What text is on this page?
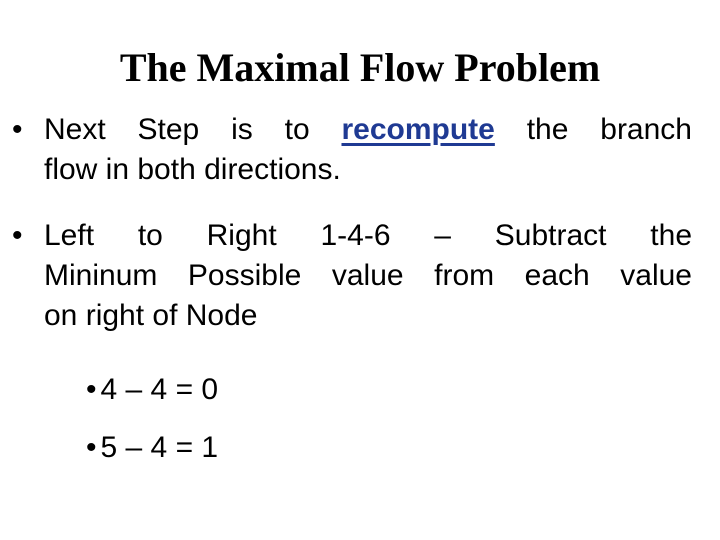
The Maximal Flow Problem
• Next Step is to recompute the branch
flow in both directions.
• Left to Right 1-4-6 – Subtract the
Mininum Possible value from each value
on right of Node
• 4 – 4 = 0
• 5 – 4 = 1
